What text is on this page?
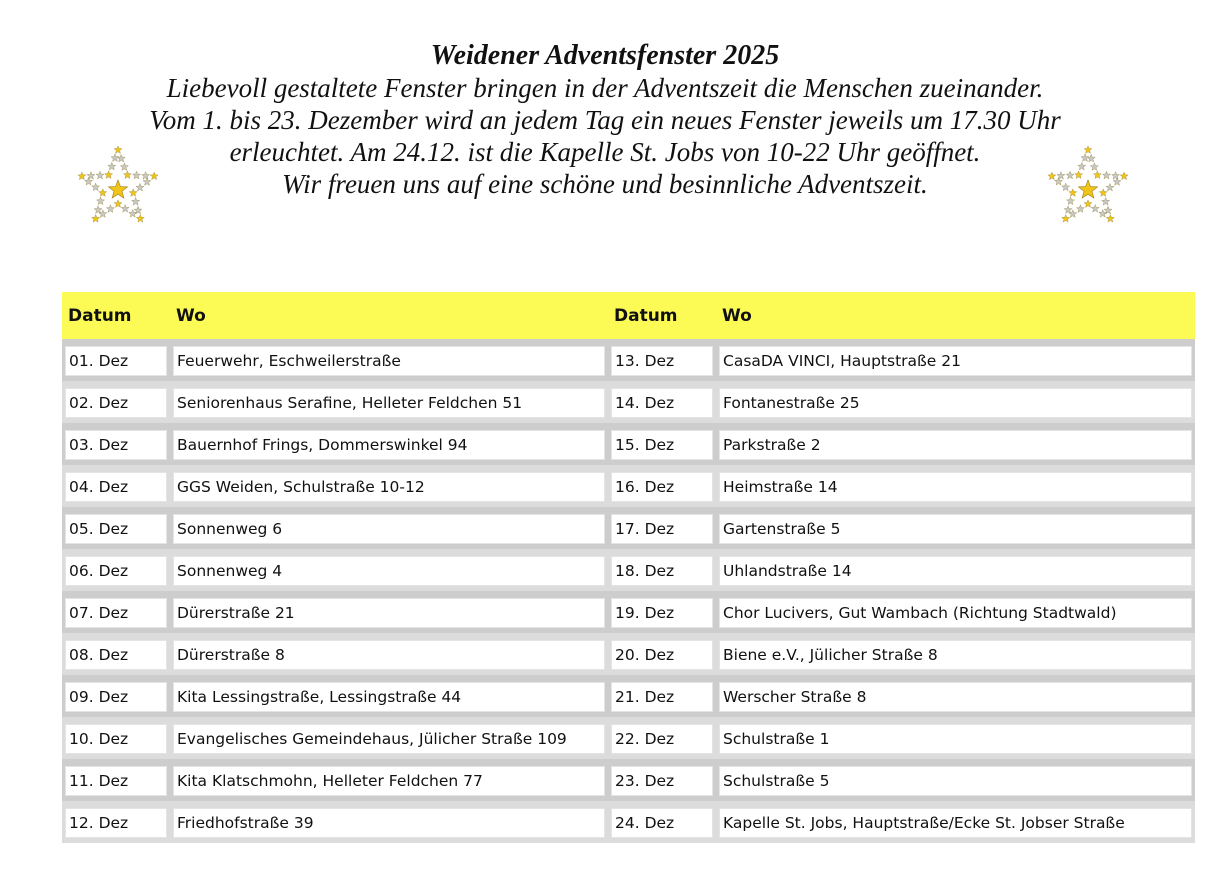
Weidener Adventsfenster 2025
Liebevoll gestaltete Fenster bringen in der Adventszeit die Menschen zueinander.
Vom 1. bis 23. Dezember wird an jedem Tag ein neues Fenster jeweils um 17.30 Uhr
erleuchtet. Am 24.12. ist die Kapelle St. Jobs von 10-22 Uhr geöffnet.
Wir freuen uns auf eine schöne und besinnliche Adventszeit.
Datum	Wo	Datum	Wo

01. Dez	Feuerwehr, Eschweilerstraße	13. Dez	CasaDA VINCI, Hauptstraße 21

02. Dez	Seniorenhaus Serafine, Helleter Feldchen 51	14. Dez	Fontanestraße 25

03. Dez	Bauernhof Frings, Dommerswinkel 94	15. Dez	Parkstraße 2

04. Dez	GGS Weiden, Schulstraße 10-12	16. Dez	Heimstraße 14

05. Dez	Sonnenweg 6	17. Dez	Gartenstraße 5

06. Dez	Sonnenweg 4	18. Dez	Uhlandstraße 14

07. Dez	Dürerstraße 21	19. Dez	Chor Lucivers, Gut Wambach (Richtung Stadtwald)

08. Dez	Dürerstraße 8	20. Dez	Biene e.V., Jülicher Straße 8

09. Dez	Kita Lessingstraße, Lessingstraße 44	21. Dez	Werscher Straße 8

10. Dez	Evangelisches Gemeindehaus, Jülicher Straße 109	22. Dez	Schulstraße 1

11. Dez	Kita Klatschmohn, Helleter Feldchen 77	23. Dez	Schulstraße 5

12. Dez	Friedhofstraße 39	24. Dez	Kapelle St. Jobs, Hauptstraße/Ecke St. Jobser Straße
